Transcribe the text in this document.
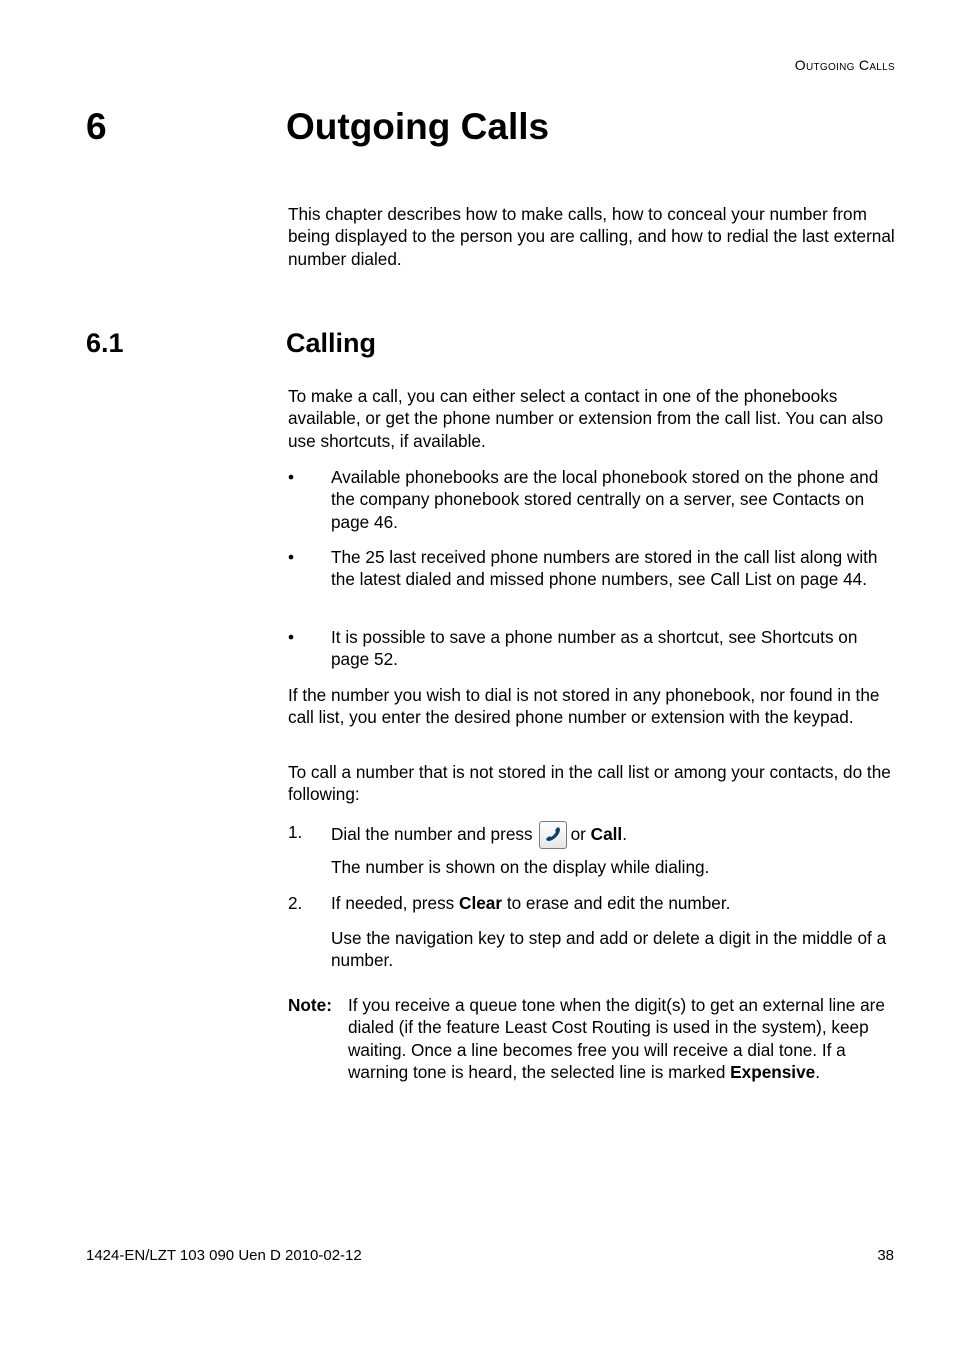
Outgoing Calls
6	Outgoing Calls
This chapter describes how to make calls, how to conceal your number from being displayed to the person you are calling, and how to redial the last external number dialed.
6.1	Calling
To make a call, you can either select a contact in one of the phonebooks available, or get the phone number or extension from the call list. You can also use shortcuts, if available.
• Available phonebooks are the local phonebook stored on the phone and the company phonebook stored centrally on a server, see Contacts on page 46.
• The 25 last received phone numbers are stored in the call list along with the latest dialed and missed phone numbers, see Call List on page 44.
• It is possible to save a phone number as a shortcut, see Shortcuts on page 52.
If the number you wish to dial is not stored in any phonebook, nor found in the call list, you enter the desired phone number or extension with the keypad.
To call a number that is not stored in the call list or among your contacts, do the following:
1. Dial the number and press or Call.
The number is shown on the display while dialing.
2. If needed, press Clear to erase and edit the number.
Use the navigation key to step and add or delete a digit in the middle of a number.
Note: If you receive a queue tone when the digit(s) to get an external line are dialed (if the feature Least Cost Routing is used in the system), keep waiting. Once a line becomes free you will receive a dial tone. If a warning tone is heard, the selected line is marked Expensive.
1424-EN/LZT 103 090 Uen D 2010-02-12	38
